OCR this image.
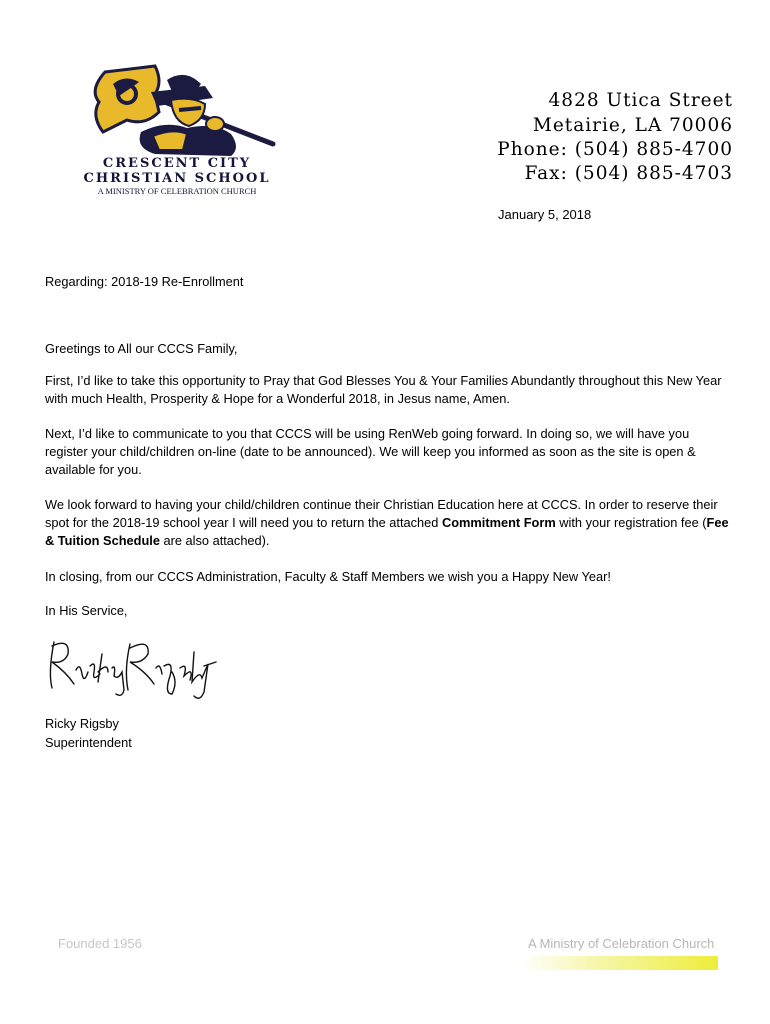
CRESCENT CITY
CHRISTIAN SCHOOL
A MINISTRY OF CELEBRATION CHURCH
4828 Utica Street
Metairie, LA 70006
Phone: (504) 885-4700
Fax: (504) 885-4703
January 5, 2018
Regarding: 2018-19 Re-Enrollment
Greetings to All our CCCS Family,
First, I’d like to take this opportunity to Pray that God Blesses You & Your Families Abundantly throughout this New Year with much Health, Prosperity & Hope for a Wonderful 2018, in Jesus name, Amen.
Next, I’d like to communicate to you that CCCS will be using RenWeb going forward. In doing so, we will have you register your child/children on-line (date to be announced). We will keep you informed as soon as the site is open & available for you.
We look forward to having your child/children continue their Christian Education here at CCCS. In order to reserve their spot for the 2018-19 school year I will need you to return the attached Commitment Form with your registration fee (Fee & Tuition Schedule are also attached).
In closing, from our CCCS Administration, Faculty & Staff Members we wish you a Happy New Year!
In His Service,
Ricky Rigsby
Superintendent
Founded 1956	A Ministry of Celebration Church
